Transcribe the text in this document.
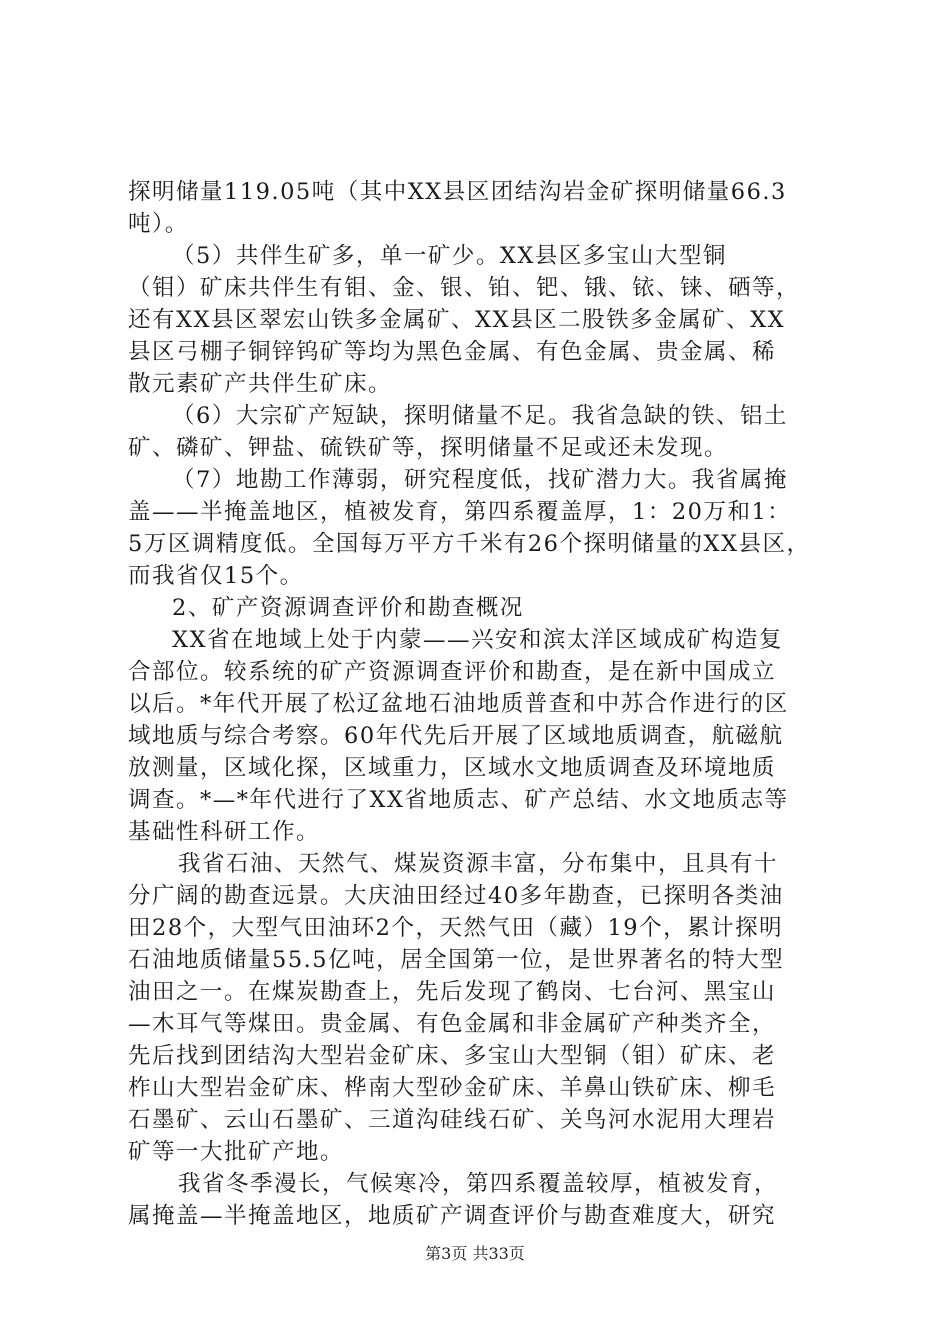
探明储量119.05吨（其中XX县区团结沟岩金矿探明储量66.3
吨）。
（5）共伴生矿多，单一矿少。XX县区多宝山大型铜
（钼）矿床共伴生有钼、金、银、铂、钯、锇、铱、铼、硒等，
还有XX县区翠宏山铁多金属矿、XX县区二股铁多金属矿、XX
县区弓棚子铜锌钨矿等均为黑色金属、有色金属、贵金属、稀
散元素矿产共伴生矿床。
（6）大宗矿产短缺，探明储量不足。我省急缺的铁、铝土
矿、磷矿、钾盐、硫铁矿等，探明储量不足或还未发现。
（7）地勘工作薄弱，研究程度低，找矿潜力大。我省属掩
盖——半掩盖地区，植被发育，第四系覆盖厚，1：20万和1：
5万区调精度低。全国每万平方千米有26个探明储量的XX县区，
而我省仅15个。
2、矿产资源调查评价和勘查概况
XX省在地域上处于内蒙——兴安和滨太洋区域成矿构造复
合部位。较系统的矿产资源调查评价和勘查，是在新中国成立
以后。*年代开展了松辽盆地石油地质普查和中苏合作进行的区
域地质与综合考察。60年代先后开展了区域地质调查，航磁航
放测量，区域化探，区域重力，区域水文地质调查及环境地质
调查。*—*年代进行了XX省地质志、矿产总结、水文地质志等
基础性科研工作。
我省石油、天然气、煤炭资源丰富，分布集中，且具有十
分广阔的勘查远景。大庆油田经过40多年勘查，已探明各类油
田28个，大型气田油环2个，天然气田（藏）19个，累计探明
石油地质储量55.5亿吨，居全国第一位，是世界著名的特大型
油田之一。在煤炭勘查上，先后发现了鹤岗、七台河、黑宝山
—木耳气等煤田。贵金属、有色金属和非金属矿产种类齐全，
先后找到团结沟大型岩金矿床、多宝山大型铜（钼）矿床、老
柞山大型岩金矿床、桦南大型砂金矿床、羊鼻山铁矿床、柳毛
石墨矿、云山石墨矿、三道沟硅线石矿、关鸟河水泥用大理岩
矿等一大批矿产地。
我省冬季漫长，气候寒冷，第四系覆盖较厚，植被发育，
属掩盖—半掩盖地区，地质矿产调查评价与勘查难度大，研究
第3页 共33页
